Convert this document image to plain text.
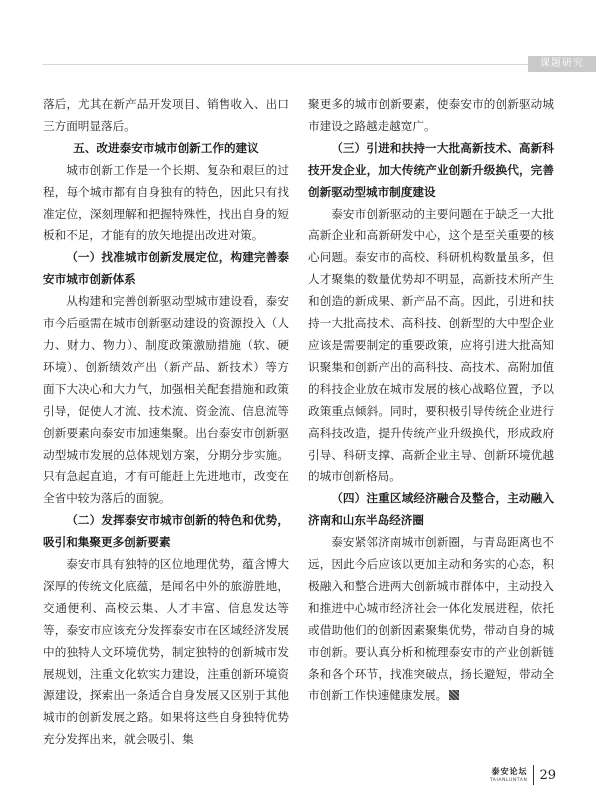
课题研究

落后，尤其在新产品开发项目、销售收入、出口三方面明显落后。

五、改进泰安市城市创新工作的建议

城市创新工作是一个长期、复杂和艰巨的过程，每个城市都有自身独有的特色，因此只有找准定位，深刻理解和把握特殊性，找出自身的短板和不足，才能有的放矢地提出改进对策。

（一）找准城市创新发展定位，构建完善泰安市城市创新体系

从构建和完善创新驱动型城市建设看，泰安市今后亟需在城市创新驱动建设的资源投入（人力、财力、物力）、制度政策激励措施（软、硬环境）、创新绩效产出（新产品、新技术）等方面下大决心和大力气，加强相关配套措施和政策引导，促使人才流、技术流、资金流、信息流等创新要素向泰安市加速集聚。出台泰安市创新驱动型城市发展的总体规划方案，分期分步实施。只有急起直追，才有可能赶上先进地市，改变在全省中较为落后的面貌。

（二）发挥泰安市城市创新的特色和优势，吸引和集聚更多创新要素

泰安市具有独特的区位地理优势，蕴含博大深厚的传统文化底蕴，是闻名中外的旅游胜地，交通便利、高校云集、人才丰富、信息发达等等，泰安市应该充分发挥泰安市在区域经济发展中的独特人文环境优势，制定独特的创新城市发展规划，注重文化软实力建设，注重创新环境资源建设，探索出一条适合自身发展又区别于其他城市的创新发展之路。如果将这些自身独特优势充分发挥出来，就会吸引、集

聚更多的城市创新要素，使泰安市的创新驱动城市建设之路越走越宽广。

（三）引进和扶持一大批高新技术、高新科技开发企业，加大传统产业创新升级换代，完善创新驱动型城市制度建设

泰安市创新驱动的主要问题在于缺乏一大批高新企业和高新研发中心，这个是至关重要的核心问题。泰安市的高校、科研机构数量虽多，但人才聚集的数量优势却不明显，高新技术所产生和创造的新成果、新产品不高。因此，引进和扶持一大批高技术、高科技、创新型的大中型企业应该是需要制定的重要政策，应将引进大批高知识聚集和创新产出的高科技、高技术、高附加值的科技企业放在城市发展的核心战略位置，予以政策重点倾斜。同时，要积极引导传统企业进行高科技改造，提升传统产业升级换代，形成政府引导、科研支撑、高新企业主导、创新环境优越的城市创新格局。

（四）注重区域经济融合及整合，主动融入济南和山东半岛经济圈

泰安紧邻济南城市创新圈，与青岛距离也不远，因此今后应该以更加主动和务实的心态，积极融入和整合进两大创新城市群体中，主动投入和推进中心城市经济社会一体化发展进程，依托或借助他们的创新因素聚集优势，带动自身的城市创新。要认真分析和梳理泰安市的产业创新链条和各个环节，找准突破点，扬长避短，带动全市创新工作快速健康发展。

泰安论坛
TAIANLUNTAN 29
